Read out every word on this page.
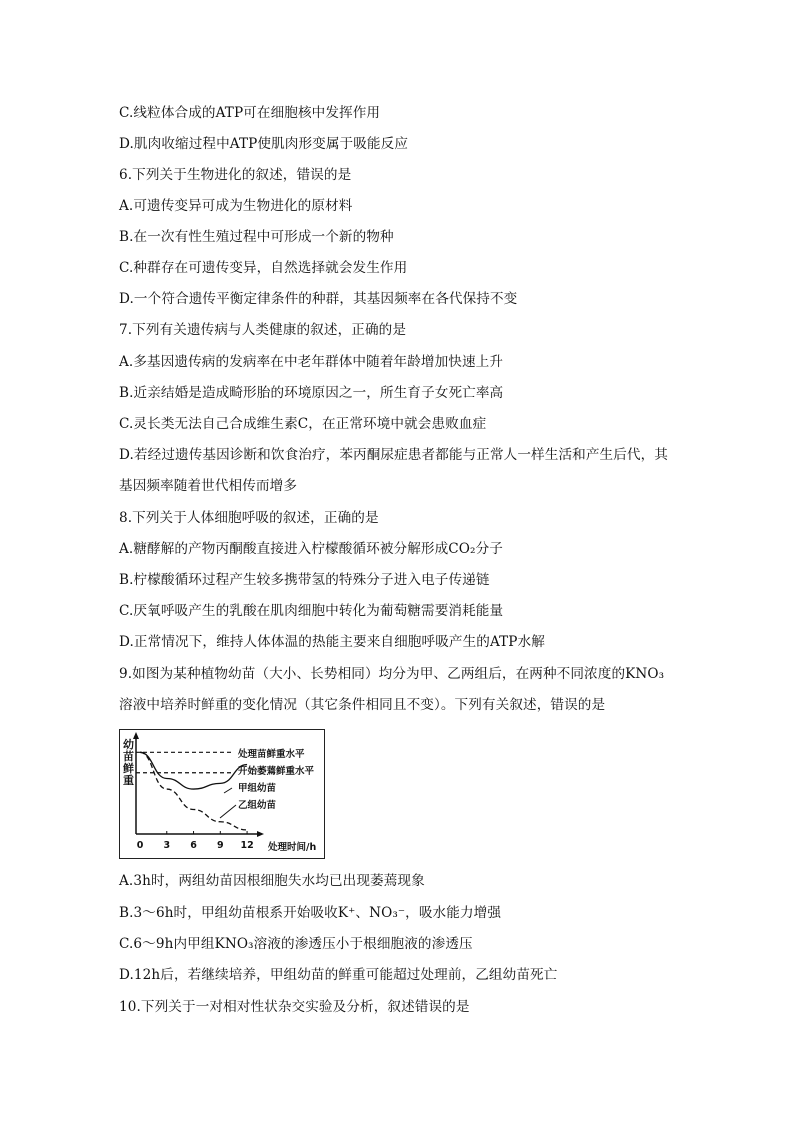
C.线粒体合成的ATP可在细胞核中发挥作用
D.肌肉收缩过程中ATP使肌肉形变属于吸能反应
6.下列关于生物进化的叙述，错误的是
A.可遗传变异可成为生物进化的原材料
B.在一次有性生殖过程中可形成一个新的物种
C.种群存在可遗传变异，自然选择就会发生作用
D.一个符合遗传平衡定律条件的种群，其基因频率在各代保持不变
7.下列有关遗传病与人类健康的叙述，正确的是
A.多基因遗传病的发病率在中老年群体中随着年龄增加快速上升
B.近亲结婚是造成畸形胎的环境原因之一，所生育子女死亡率高
C.灵长类无法自己合成维生素C，在正常环境中就会患败血症
D.若经过遗传基因诊断和饮食治疗，苯丙酮尿症患者都能与正常人一样生活和产生后代，其
基因频率随着世代相传而增多
8.下列关于人体细胞呼吸的叙述，正确的是
A.糖酵解的产物丙酮酸直接进入柠檬酸循环被分解形成CO₂分子
B.柠檬酸循环过程产生较多携带氢的特殊分子进入电子传递链
C.厌氧呼吸产生的乳酸在肌肉细胞中转化为葡萄糖需要消耗能量
D.正常情况下，维持人体体温的热能主要来自细胞呼吸产生的ATP水解
9.如图为某种植物幼苗（大小、长势相同）均分为甲、乙两组后，在两种不同浓度的KNO₃
溶液中培养时鲜重的变化情况（其它条件相同且不变）。下列有关叙述，错误的是
幼 苗 鲜 重
0 3 6 9 12
处理苗鲜重水平
开始萎蔫鲜重水平
甲组幼苗
乙组幼苗
处理时间/h
A.3h时，两组幼苗因根细胞失水均已出现萎蔫现象
B.3～6h时，甲组幼苗根系开始吸收K⁺、NO₃⁻，吸水能力增强
C.6～9h内甲组KNO₃溶液的渗透压小于根细胞液的渗透压
D.12h后，若继续培养，甲组幼苗的鲜重可能超过处理前，乙组幼苗死亡
10.下列关于一对相对性状杂交实验及分析，叙述错误的是
